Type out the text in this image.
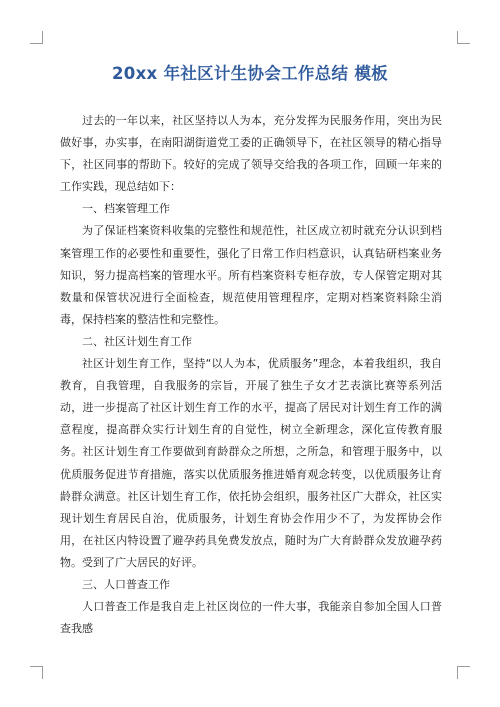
20xx 年社区计生协会工作总结 模板

过去的一年以来，社区坚持以人为本，充分发挥为民服务作用，突出为民做好事，办实事，在南阳湖街道党工委的正确领导下，在社区领导的精心指导下，社区同事的帮助下。较好的完成了领导交给我的各项工作，回顾一年来的工作实践，现总结如下：

一、档案管理工作

为了保证档案资料收集的完整性和规范性，社区成立初时就充分认识到档案管理工作的必要性和重要性，强化了日常工作归档意识，认真钻研档案业务知识，努力提高档案的管理水平。所有档案资料专柜存放，专人保管定期对其数量和保管状况进行全面检查，规范使用管理程序，定期对档案资料除尘消毒，保持档案的整洁性和完整性。

二、社区计划生育工作

社区计划生育工作，坚持“以人为本，优质服务”理念，本着我组织，我自教育，自我管理，自我服务的宗旨，开展了独生子女才艺表演比赛等系列活动，进一步提高了社区计划生育工作的水平，提高了居民对计划生育工作的满意程度，提高群众实行计划生育的自觉性，树立全新理念，深化宣传教育服务。社区计划生育工作要做到育龄群众之所想，之所急，和管理于服务中，以优质服务促进节育措施，落实以优质服务推进婚育观念转变，以优质服务让育龄群众满意。社区计划生育工作，依托协会组织，服务社区广大群众，社区实现计划生育居民自治，优质服务，计划生育协会作用少不了，为发挥协会作用，在社区内特设置了避孕药具免费发放点，随时为广大育龄群众发放避孕药物。受到了广大居民的好评。

三、人口普查工作

人口普查工作是我自走上社区岗位的一件大事，我能亲自参加全国人口普查我感
